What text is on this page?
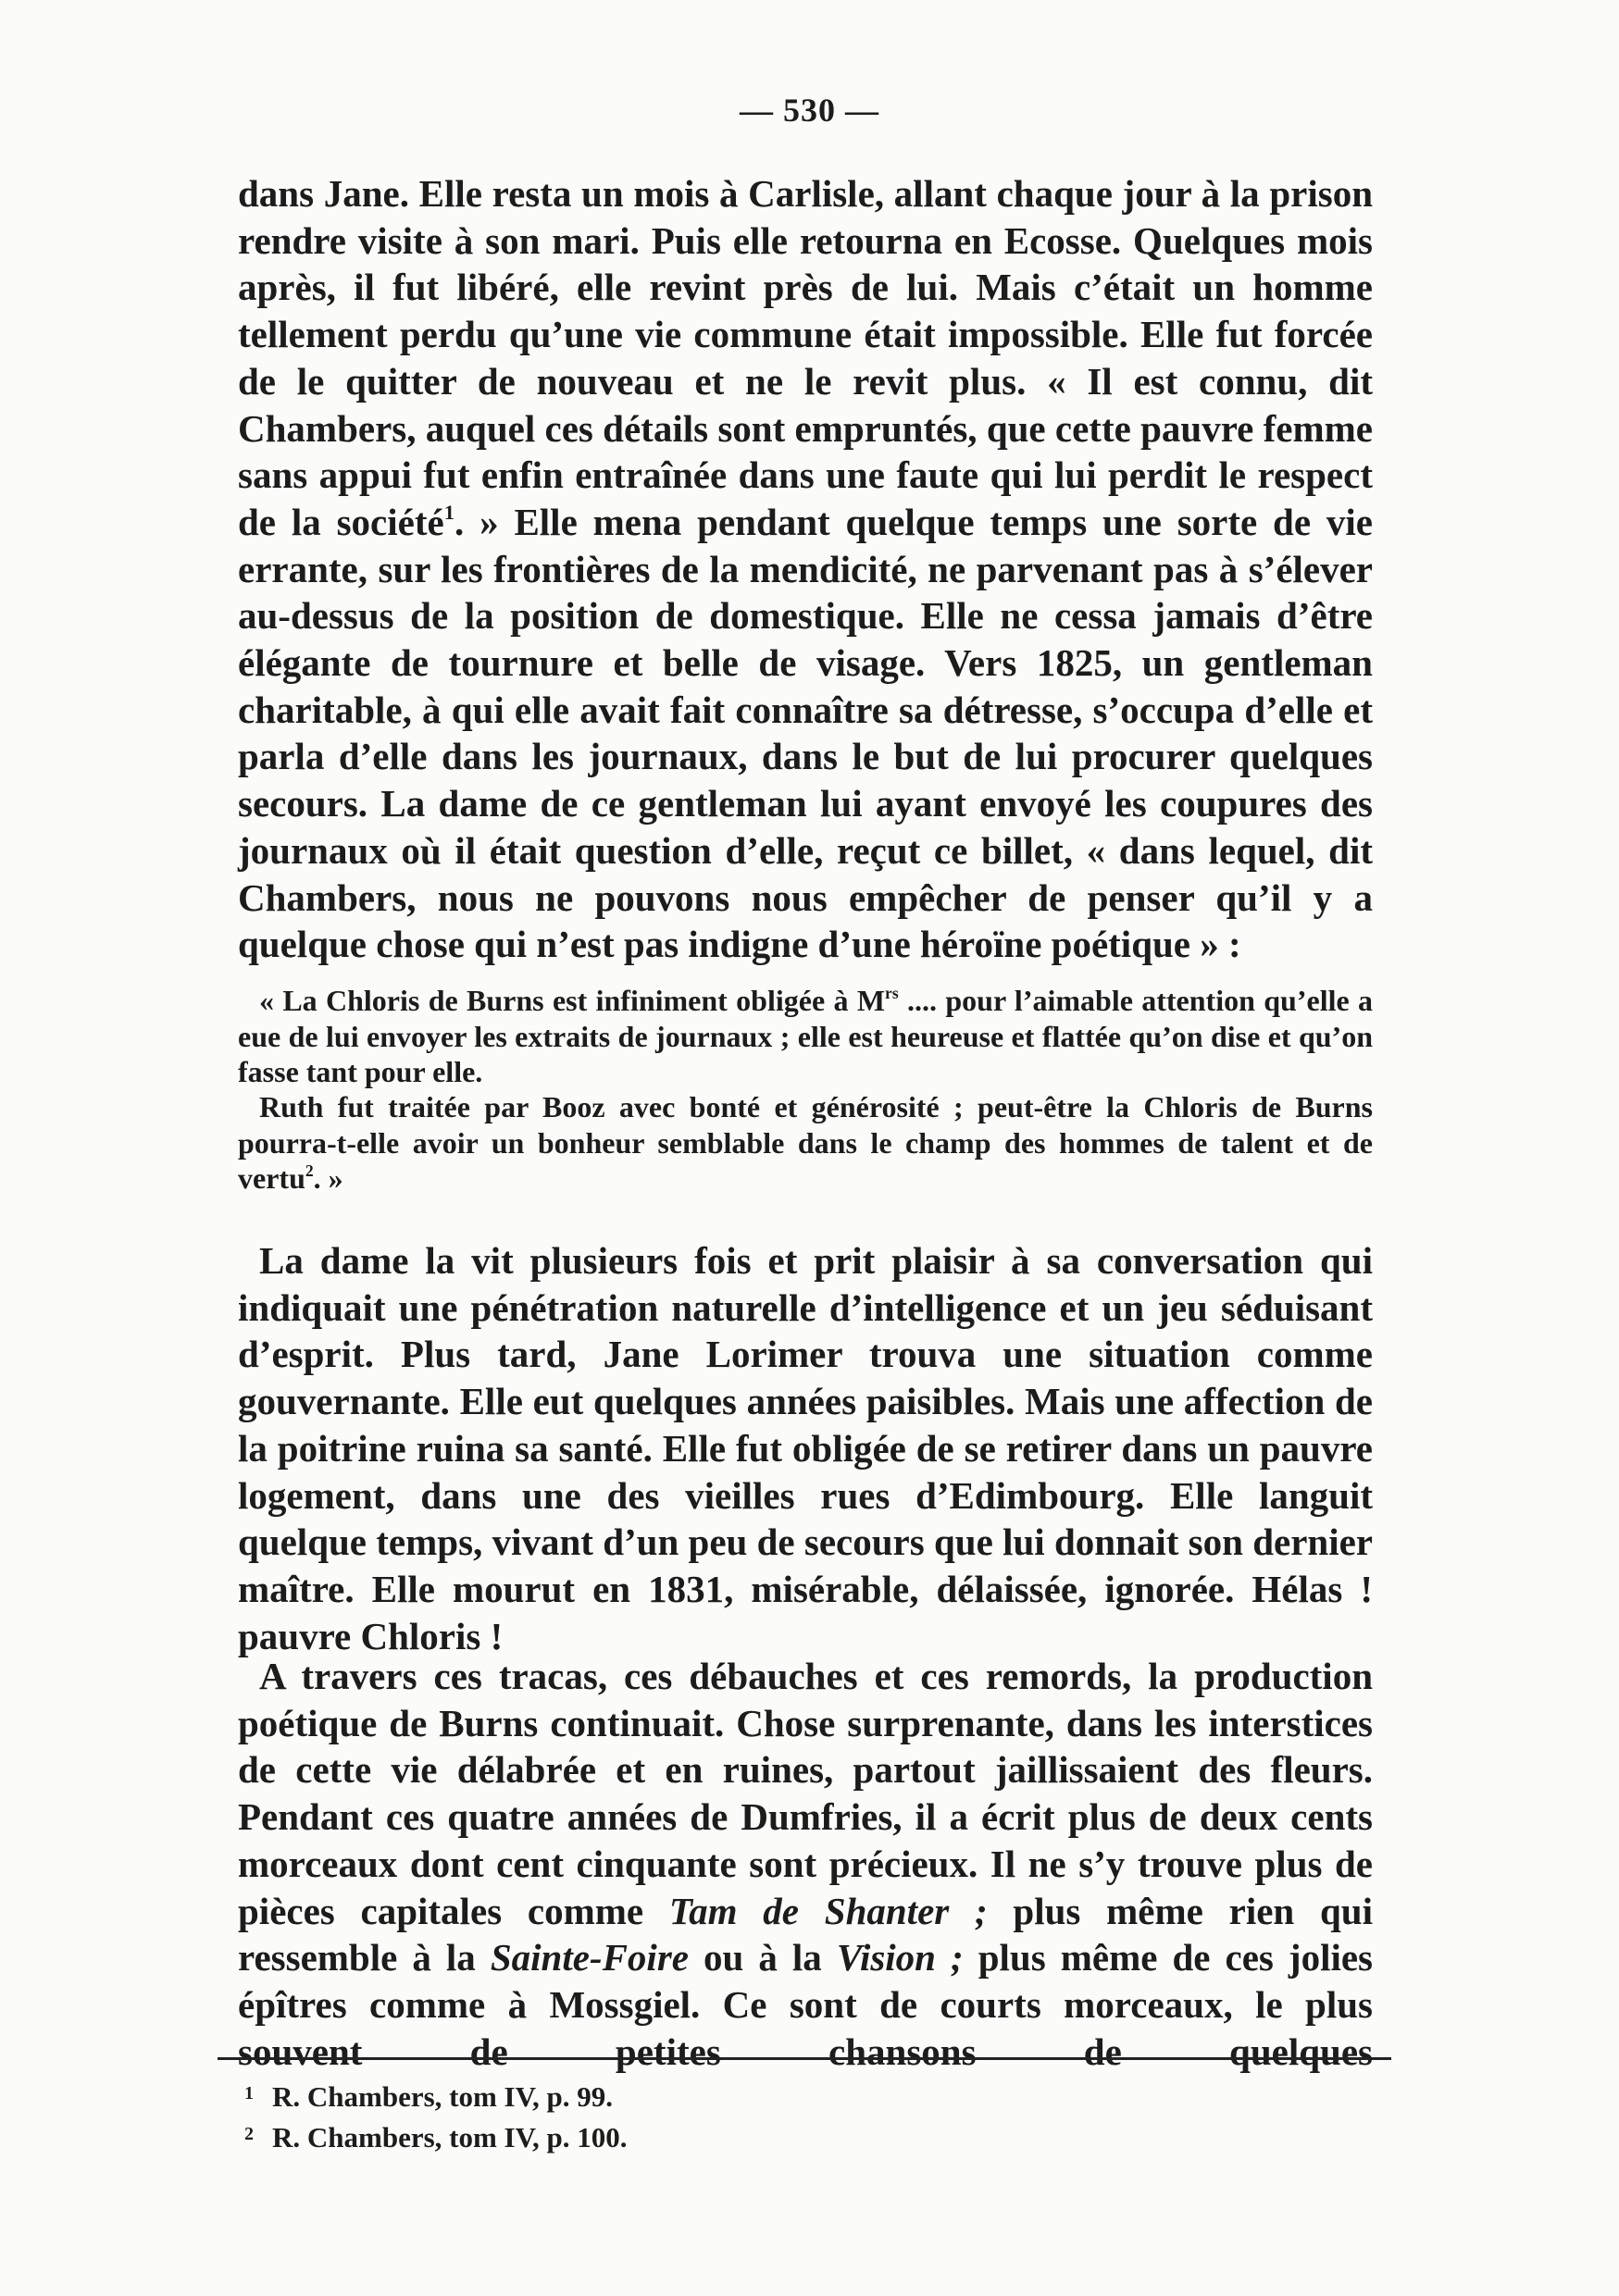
— 530 —
dans Jane. Elle resta un mois à Carlisle, allant chaque jour à la prison rendre visite à son mari. Puis elle retourna en Ecosse. Quelques mois après, il fut libéré, elle revint près de lui. Mais c’était un homme tellement perdu qu’une vie commune était impossible. Elle fut forcée de le quitter de nouveau et ne le revit plus. « Il est connu, dit Chambers, auquel ces détails sont empruntés, que cette pauvre femme sans appui fut enfin entraînée dans une faute qui lui perdit le respect de la société$^1$. » Elle mena pendant quelque temps une sorte de vie errante, sur les frontières de la mendicité, ne parvenant pas à s’élever au-dessus de la position de domestique. Elle ne cessa jamais d’être élégante de tournure et belle de visage. Vers 1825, un gentleman charitable, à qui elle avait fait connaître sa détresse, s’occupa d’elle et parla d’elle dans les journaux, dans le but de lui procurer quelques secours. La dame de ce gentleman lui ayant envoyé les coupures des journaux où il était question d’elle, reçut ce billet, « dans lequel, dit Chambers, nous ne pouvons nous empêcher de penser qu’il y a quelque chose qui n’est pas indigne d’une héroïne poétique » :
« La Chloris de Burns est infiniment obligée à $M^{rs}$ .... pour l’aimable attention qu’elle a eue de lui envoyer les extraits de journaux ; elle est heureuse et flattée qu’on dise et qu’on fasse tant pour elle.
Ruth fut traitée par Booz avec bonté et générosité ; peut-être la Chloris de Burns pourra-t-elle avoir un bonheur semblable dans le champ des hommes de talent et de vertu$^2$. »
La dame la vit plusieurs fois et prit plaisir à sa conversation qui indiquait une pénétration naturelle d’intelligence et un jeu séduisant d’esprit. Plus tard, Jane Lorimer trouva une situation comme gouvernante. Elle eut quelques années paisibles. Mais une affection de la poitrine ruina sa santé. Elle fut obligée de se retirer dans un pauvre logement, dans une des vieilles rues d’Edimbourg. Elle languit quelque temps, vivant d’un peu de secours que lui donnait son dernier maître. Elle mourut en 1831, misérable, délaissée, ignorée. Hélas ! pauvre Chloris !
A travers ces tracas, ces débauches et ces remords, la production poétique de Burns continuait. Chose surprenante, dans les interstices de cette vie délabrée et en ruines, partout jaillissaient des fleurs. Pendant ces quatre années de Dumfries, il a écrit plus de deux cents morceaux dont cent cinquante sont précieux. Il ne s’y trouve plus de pièces capitales comme Tam de Shanter ; plus même rien qui ressemble à la Sainte-Foire ou à la Vision ; plus même de ces jolies épîtres comme à Mossgiel. Ce sont de courts morceaux, le plus souvent de petites chansons de quelques
1 R. Chambers, tom IV, p. 99.
2 R. Chambers, tom IV, p. 100.
